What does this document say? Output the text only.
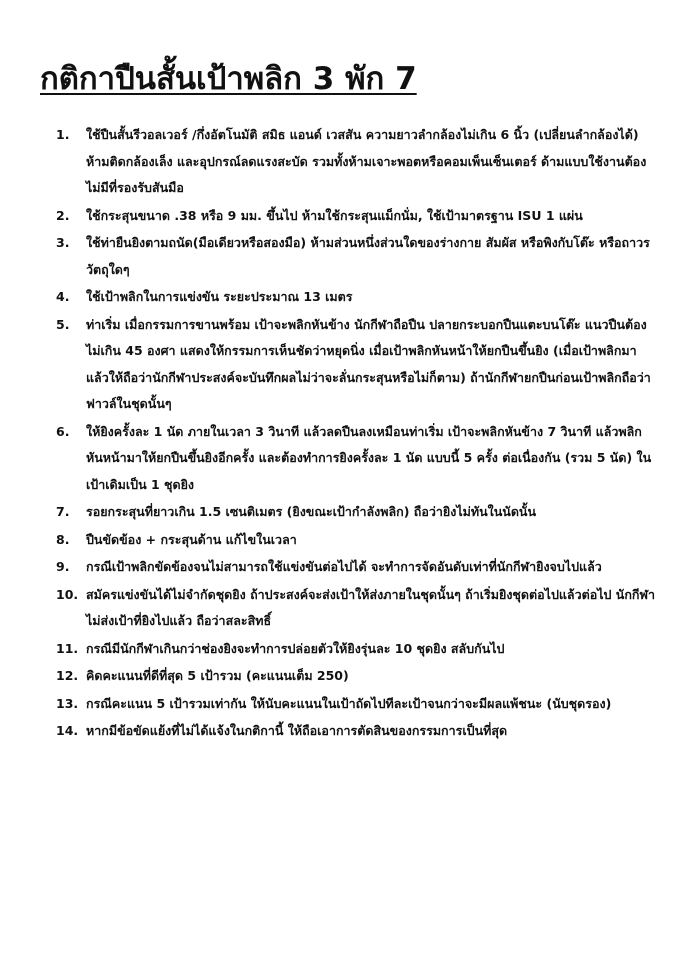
กติกาปืนสั้นเป้าพลิก 3 พัก 7
1.	ใช้ปืนสั้นรีวอลเวอร์ /กึ่งอัตโนมัติ สมิธ แอนด์ เวสสัน ความยาวลำกล้องไม่เกิน 6 นิ้ว (เปลี่ยนลำกล้องได้) ห้ามติดกล้องเล็ง และอุปกรณ์ลดแรงสะบัด รวมทั้งห้ามเจาะพอตหรือคอมเพ็นเซ็นเตอร์ ด้ามแบบใช้งานต้องไม่มีที่รองรับสันมือ
2.	ใช้กระสุนขนาด .38 หรือ 9 มม. ขึ้นไป ห้ามใช้กระสุนแม็กนั่ม, ใช้เป้ามาตรฐาน ISU 1 แผ่น
3.	ใช้ท่ายืนยิงตามถนัด(มือเดียวหรือสองมือ) ห้ามส่วนหนึ่งส่วนใดของร่างกาย สัมผัส หรือพิงกับโต๊ะ หรือถาวรวัตถุใดๆ
4.	ใช้เป้าพลิกในการแข่งขัน ระยะประมาณ 13 เมตร
5.	ท่าเริ่ม เมื่อกรรมการขานพร้อม เป้าจะพลิกหันข้าง นักกีฬาถือปืน ปลายกระบอกปืนแตะบนโต๊ะ แนวปืนต้องไม่เกิน 45 องศา แสดงให้กรรมการเห็นชัดว่าหยุดนิ่ง เมื่อเป้าพลิกหันหน้าให้ยกปืนขึ้นยิง (เมื่อเป้าพลิกมาแล้วให้ถือว่านักกีฬาประสงค์จะบันทึกผลไม่ว่าจะลั่นกระสุนหรือไม่ก็ตาม) ถ้านักกีฬายกปืนก่อนเป้าพลิกถือว่าฟาวล์ในชุดนั้นๆ
6.	ให้ยิงครั้งละ 1 นัด ภายในเวลา 3 วินาที แล้วลดปืนลงเหมือนท่าเริ่ม เป้าจะพลิกหันข้าง 7 วินาที แล้วพลิกหันหน้ามาให้ยกปืนขึ้นยิงอีกครั้ง และต้องทำการยิงครั้งละ 1 นัด แบบนี้ 5 ครั้ง ต่อเนื่องกัน (รวม 5 นัด) ในเป้าเดิมเป็น 1 ชุดยิง
7.	รอยกระสุนที่ยาวเกิน 1.5 เซนติเมตร (ยิงขณะเป้ากำลังพลิก) ถือว่ายิงไม่ทันในนัดนั้น
8.	ปืนขัดข้อง + กระสุนด้าน แก้ไขในเวลา
9.	กรณีเป้าพลิกขัดข้องจนไม่สามารถใช้แข่งขันต่อไปได้ จะทำการจัดอันดับเท่าที่นักกีฬายิงจบไปแล้ว
10. สมัครแข่งขันได้ไม่จำกัดชุดยิง ถ้าประสงค์จะส่งเป้าให้ส่งภายในชุดนั้นๆ ถ้าเริ่มยิงชุดต่อไปแล้วต่อไป นักกีฬาไม่ส่งเป้าที่ยิงไปแล้ว ถือว่าสละสิทธิ์
11. กรณีมีนักกีฬาเกินกว่าช่องยิงจะทำการปล่อยตัวให้ยิงรุ่นละ 10 ชุดยิง สลับกันไป
12. คิดคะแนนที่ดีที่สุด 5 เป้ารวม (คะแนนเต็ม 250)
13. กรณีคะแนน 5 เป้ารวมเท่ากัน ให้นับคะแนนในเป้าถัดไปทีละเป้าจนกว่าจะมีผลแพ้ชนะ (นับชุดรอง)
14. หากมีข้อขัดแย้งที่ไม่ได้แจ้งในกติกานี้ ให้ถือเอาการตัดสินของกรรมการเป็นที่สุด
